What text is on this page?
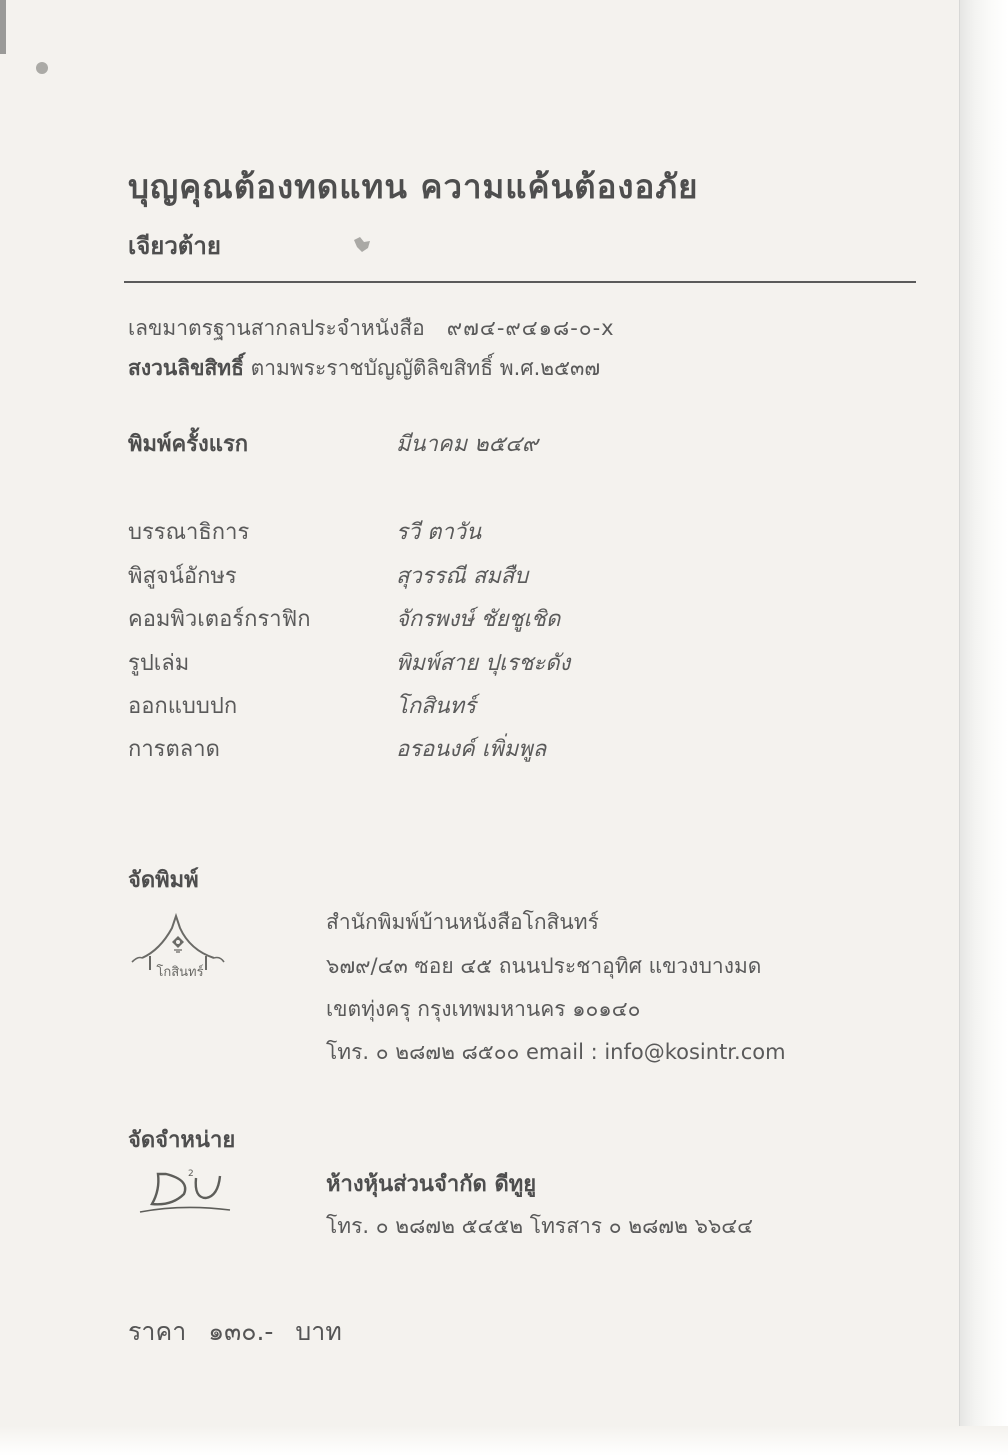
บุญคุณต้องทดแทน ความแค้นต้องอภัย
เจียวต้าย
เลขมาตรฐานสากลประจำหนังสือ ๙๗๔-๙๔๑๘-๐-x
สงวนลิขสิทธิ์ ตามพระราชบัญญัติลิขสิทธิ์ พ.ศ.๒๕๓๗
พิมพ์ครั้งแรก	มีนาคม ๒๕๔๙
บรรณาธิการ	รวี ตาวัน
พิสูจน์อักษร	สุวรรณี สมสืบ
คอมพิวเตอร์กราฟิก	จักรพงษ์ ชัยชูเชิด
รูปเล่ม	พิมพ์สาย ปุเรชะดัง
ออกแบบปก	โกสินทร์
การตลาด	อรอนงค์ เพิ่มพูล
จัดพิมพ์
โกสินทร์
สำนักพิมพ์บ้านหนังสือโกสินทร์
๖๗๙/๔๓ ซอย ๔๕ ถนนประชาอุทิศ แขวงบางมด
เขตทุ่งครุ กรุงเทพมหานคร ๑๐๑๔๐
โทร. ๐ ๒๘๗๒ ๘๕๐๐ email : info@kosintr.com
จัดจำหน่าย
2	ห้างหุ้นส่วนจำกัด ดีทูยู
โทร. ๐ ๒๘๗๒ ๕๔๕๒ โทรสาร ๐ ๒๘๗๒ ๖๖๔๔
ราคา ๑๓๐.- บาท
